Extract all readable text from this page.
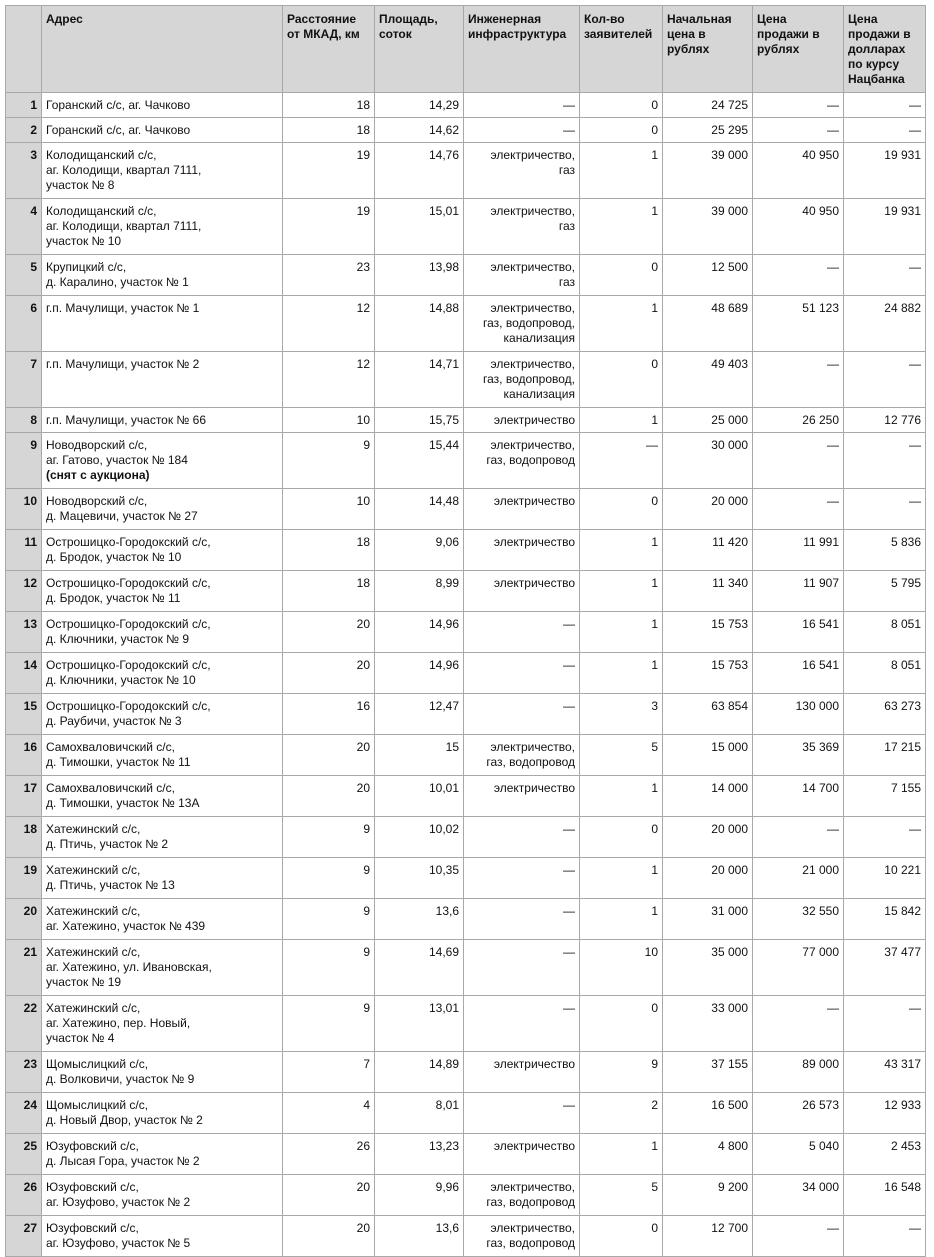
	Адрес	Расстояние от МКАД, км	Площадь, соток	Инженерная инфраструктура	Кол-во заявителей	Начальная цена в рублях	Цена продажи в рублях	Цена продажи в долларах по курсу Нацбанка
1	Горанский с/с, аг. Чачково	18	14,29	—	0	24 725	—	—
2	Горанский с/с, аг. Чачково	18	14,62	—	0	25 295	—	—
3	Колодищанский с/с,
аг. Колодищи, квартал 7111,
участок № 8	19	14,76	электричество,
газ	1	39 000	40 950	19 931
4	Колодищанский с/с,
аг. Колодищи, квартал 7111,
участок № 10	19	15,01	электричество,
газ	1	39 000	40 950	19 931
5	Крупицкий с/с,
д. Каралино, участок № 1	23	13,98	электричество,
газ	0	12 500	—	—
6	г.п. Мачулищи, участок № 1	12	14,88	электричество,
газ, водопровод,
канализация	1	48 689	51 123	24 882
7	г.п. Мачулищи, участок № 2	12	14,71	электричество,
газ, водопровод,
канализация	0	49 403	—	—
8	г.п. Мачулищи, участок № 66	10	15,75	электричество	1	25 000	26 250	12 776
9	Новодворский с/с,
аг. Гатово, участок № 184
(снят с аукциона)	9	15,44	электричество,
газ, водопровод	—	30 000	—	—
10	Новодворский с/с,
д. Мацевичи, участок № 27	10	14,48	электричество	0	20 000	—	—
11	Острошицко-Городокский с/с,
д. Бродок, участок № 10	18	9,06	электричество	1	11 420	11 991	5 836
12	Острошицко-Городокский с/с,
д. Бродок, участок № 11	18	8,99	электричество	1	11 340	11 907	5 795
13	Острошицко-Городокский с/с,
д. Ключники, участок № 9	20	14,96	—	1	15 753	16 541	8 051
14	Острошицко-Городокский с/с,
д. Ключники, участок № 10	20	14,96	—	1	15 753	16 541	8 051
15	Острошицко-Городокский с/с,
д. Раубичи, участок № 3	16	12,47	—	3	63 854	130 000	63 273
16	Самохваловичский с/с,
д. Тимошки, участок № 11	20	15	электричество,
газ, водопровод	5	15 000	35 369	17 215
17	Самохваловичский с/с,
д. Тимошки, участок № 13А	20	10,01	электричество	1	14 000	14 700	7 155
18	Хатежинский с/с,
д. Птичь, участок № 2	9	10,02	—	0	20 000	—	—
19	Хатежинский с/с,
д. Птичь, участок № 13	9	10,35	—	1	20 000	21 000	10 221
20	Хатежинский с/с,
аг. Хатежино, участок № 439	9	13,6	—	1	31 000	32 550	15 842
21	Хатежинский с/с,
аг. Хатежино, ул. Ивановская,
участок № 19	9	14,69	—	10	35 000	77 000	37 477
22	Хатежинский с/с,
аг. Хатежино, пер. Новый,
участок № 4	9	13,01	—	0	33 000	—	—
23	Щомыслицкий с/с,
д. Волковичи, участок № 9	7	14,89	электричество	9	37 155	89 000	43 317
24	Щомыслицкий с/с,
д. Новый Двор, участок № 2	4	8,01	—	2	16 500	26 573	12 933
25	Юзуфовский с/с,
д. Лысая Гора, участок № 2	26	13,23	электричество	1	4 800	5 040	2 453
26	Юзуфовский с/с,
аг. Юзуфово, участок № 2	20	9,96	электричество,
газ, водопровод	5	9 200	34 000	16 548
27	Юзуфовский с/с,
аг. Юзуфово, участок № 5	20	13,6	электричество,
газ, водопровод	0	12 700	—	—
